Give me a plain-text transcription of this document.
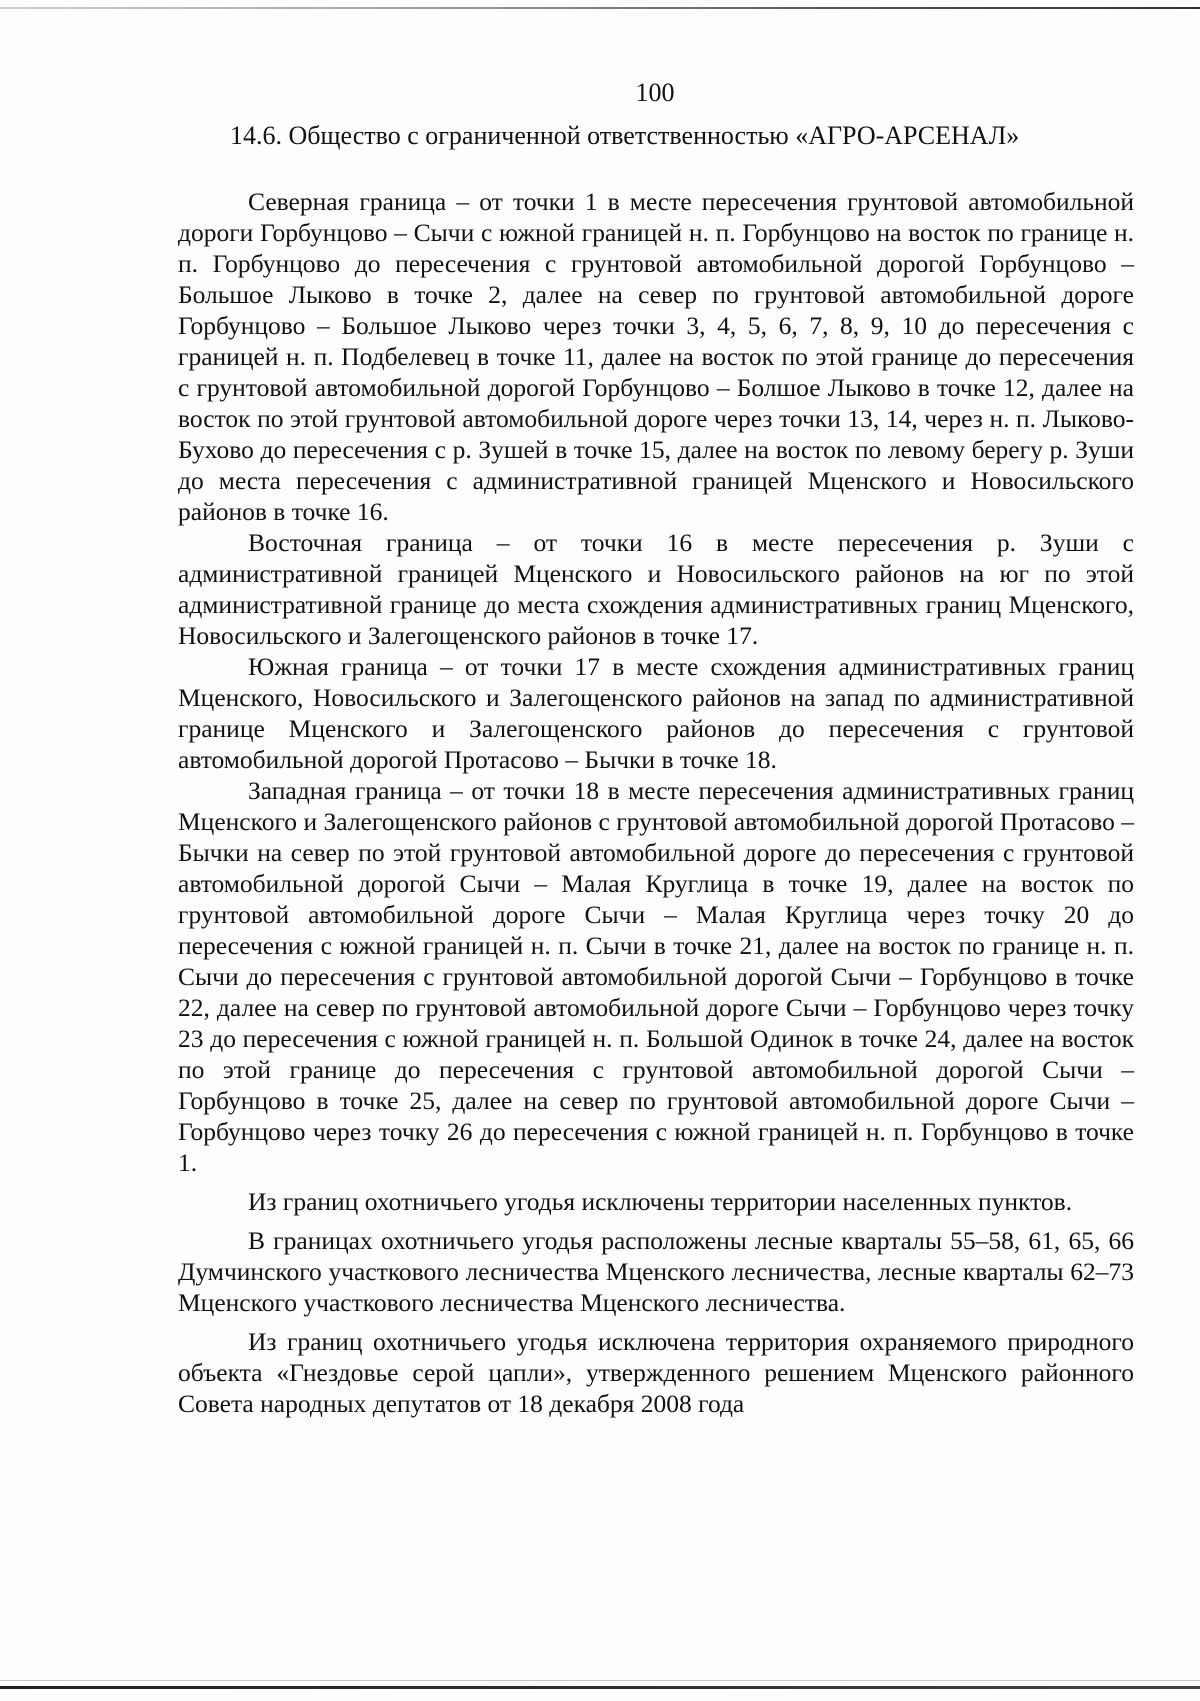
100

14.6. Общество с ограниченной ответственностью «АГРО-АРСЕНАЛ»

Северная граница – от точки 1 в месте пересечения грунтовой автомобильной дороги Горбунцово – Сычи с южной границей н. п. Горбунцово на восток по границе н. п. Горбунцово до пересечения с грунтовой автомобильной дорогой Горбунцово – Большое Лыково в точке 2, далее на север по грунтовой автомобильной дороге Горбунцово – Большое Лыково через точки 3, 4, 5, 6, 7, 8, 9, 10 до пересечения с границей н. п. Подбелевец в точке 11, далее на восток по этой границе до пересечения с грунтовой автомобильной дорогой Горбунцово – Болшое Лыково в точке 12, далее на восток по этой грунтовой автомобильной дороге через точки 13, 14, через н. п. Лыково-Бухово до пересечения с р. Зушей в точке 15, далее на восток по левому берегу р. Зуши до места пересечения с административной границей Мценского и Новосильского районов в точке 16.

Восточная граница – от точки 16 в месте пересечения р. Зуши с административной границей Мценского и Новосильского районов на юг по этой административной границе до места схождения административных границ Мценского, Новосильского и Залегощенского районов в точке 17.

Южная граница – от точки 17 в месте схождения административных границ Мценского, Новосильского и Залегощенского районов на запад по административной границе Мценского и Залегощенского районов до пересечения с грунтовой автомобильной дорогой Протасово – Бычки в точке 18.

Западная граница – от точки 18 в месте пересечения административных границ Мценского и Залегощенского районов с грунтовой автомобильной дорогой Протасово – Бычки на север по этой грунтовой автомобильной дороге до пересечения с грунтовой автомобильной дорогой Сычи – Малая Круглица в точке 19, далее на восток по грунтовой автомобильной дороге Сычи – Малая Круглица через точку 20 до пересечения с южной границей н. п. Сычи в точке 21, далее на восток по границе н. п. Сычи до пересечения с грунтовой автомобильной дорогой Сычи – Горбунцово в точке 22, далее на север по грунтовой автомобильной дороге Сычи – Горбунцово через точку 23 до пересечения с южной границей н. п. Большой Одинок в точке 24, далее на восток по этой границе до пересечения с грунтовой автомобильной дорогой Сычи – Горбунцово в точке 25, далее на север по грунтовой автомобильной дороге Сычи – Горбунцово через точку 26 до пересечения с южной границей н. п. Горбунцово в точке 1.

Из границ охотничьего угодья исключены территории населенных пунктов.

В границах охотничьего угодья расположены лесные кварталы 55–58, 61, 65, 66 Думчинского участкового лесничества Мценского лесничества, лесные кварталы 62–73 Мценского участкового лесничества Мценского лесничества.

Из границ охотничьего угодья исключена территория охраняемого природного объекта «Гнездовье серой цапли», утвержденного решением Мценского районного Совета народных депутатов от 18 декабря 2008 года
